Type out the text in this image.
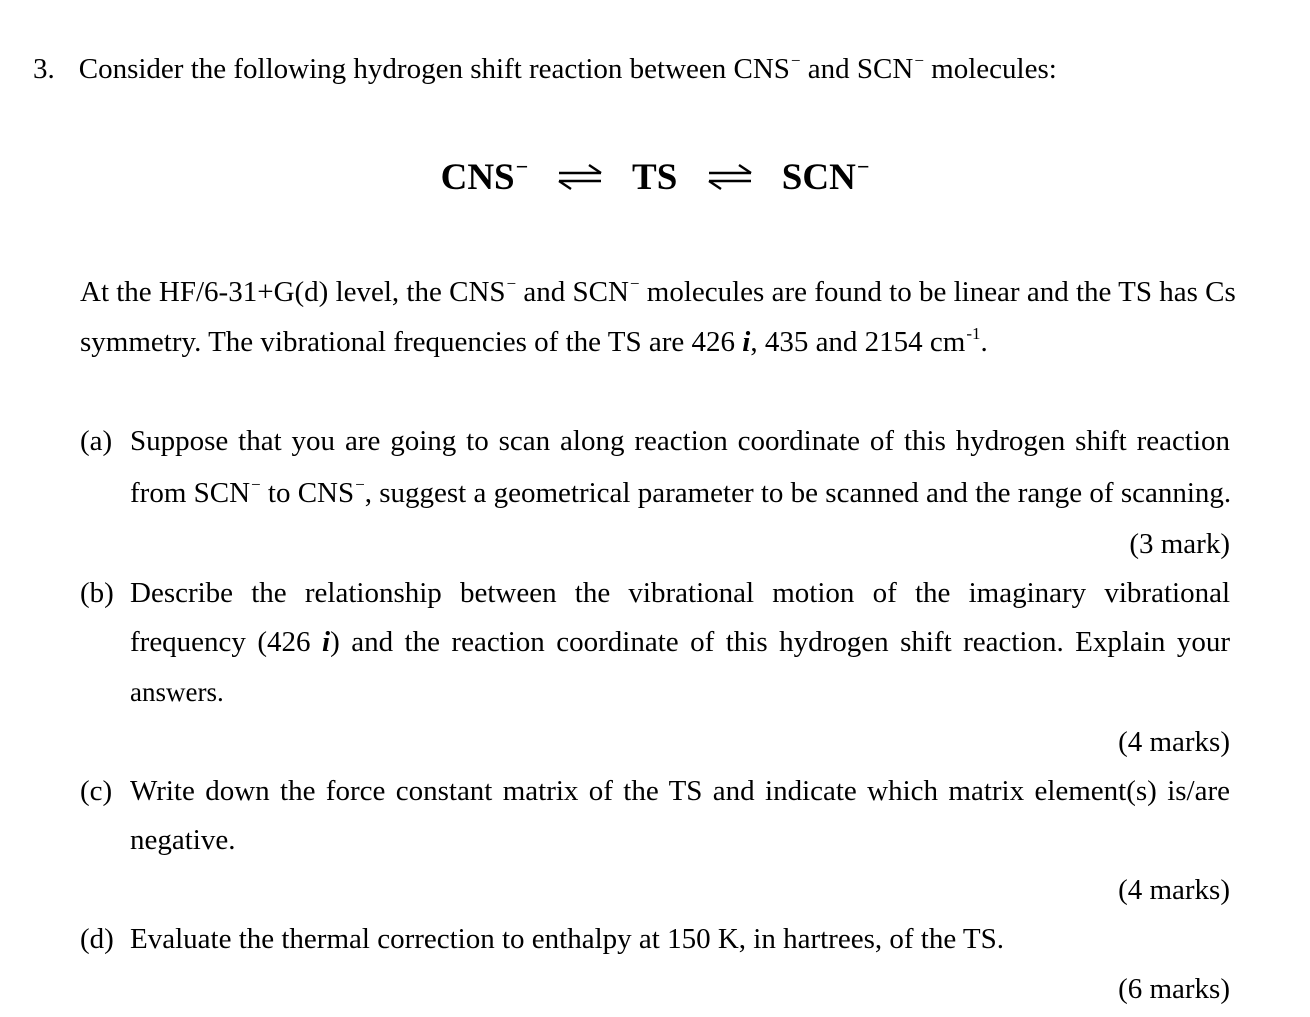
3. Consider the following hydrogen shift reaction between CNS− and SCN− molecules:
CNS− ⇌ TS ⇌ SCN−
At the HF/6-31+G(d) level, the CNS− and SCN− molecules are found to be linear and the TS has Cs
symmetry. The vibrational frequencies of the TS are 426 i, 435 and 2154 $cm^{-1}$.
(a) Suppose that you are going to scan along reaction coordinate of this hydrogen shift reaction
from SCN− to CNS−, suggest a geometrical parameter to be scanned and the range of scanning.
(3 mark)
(b) Describe the relationship between the vibrational motion of the imaginary vibrational
frequency (426 i) and the reaction coordinate of this hydrogen shift reaction. Explain your
answers.
(4 marks)
(c) Write down the force constant matrix of the TS and indicate which matrix element(s) is/are
negative.
(4 marks)
(d) Evaluate the thermal correction to enthalpy at 150 K, in hartrees, of the TS.
(6 marks)
